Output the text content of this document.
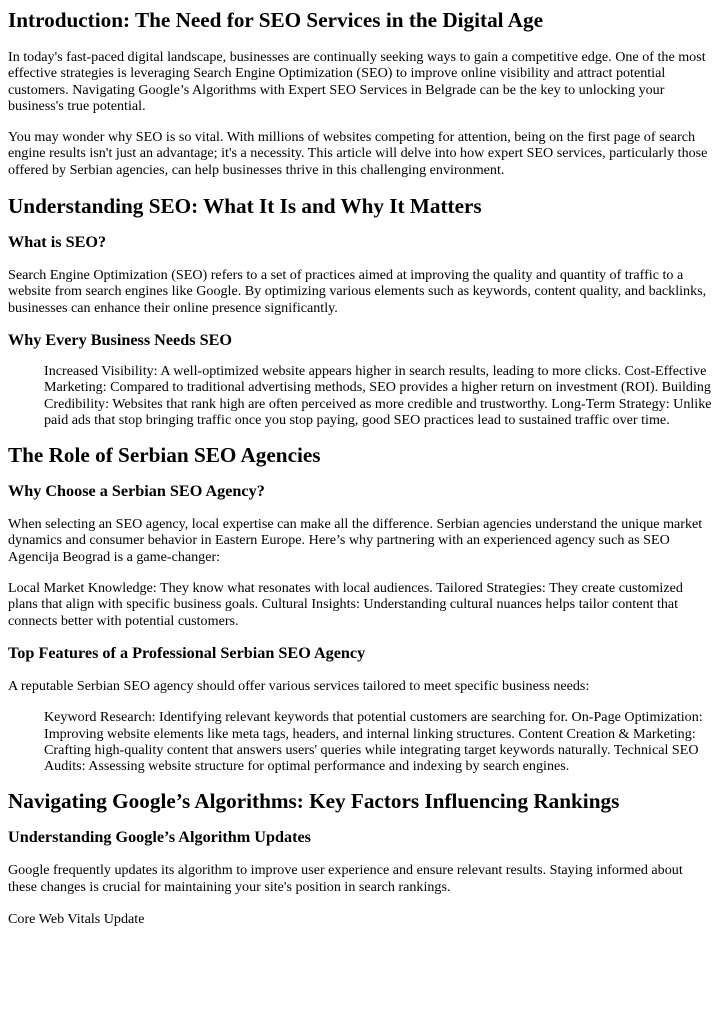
Introduction: The Need for SEO Services in the Digital Age

In today's fast-paced digital landscape, businesses are continually seeking ways to gain a competitive edge. One of the most effective strategies is leveraging Search Engine Optimization (SEO) to improve online visibility and attract potential customers. Navigating Google’s Algorithms with Expert SEO Services in Belgrade can be the key to unlocking your business's true potential.

You may wonder why SEO is so vital. With millions of websites competing for attention, being on the first page of search engine results isn't just an advantage; it's a necessity. This article will delve into how expert SEO services, particularly those offered by Serbian agencies, can help businesses thrive in this challenging environment.

Understanding SEO: What It Is and Why It Matters
What is SEO?

Search Engine Optimization (SEO) refers to a set of practices aimed at improving the quality and quantity of traffic to a website from search engines like Google. By optimizing various elements such as keywords, content quality, and backlinks, businesses can enhance their online presence significantly.

Why Every Business Needs SEO
Increased Visibility: A well-optimized website appears higher in search results, leading to more clicks. Cost-Effective Marketing: Compared to traditional advertising methods, SEO provides a higher return on investment (ROI). Building Credibility: Websites that rank high are often perceived as more credible and trustworthy. Long-Term Strategy: Unlike paid ads that stop bringing traffic once you stop paying, good SEO practices lead to sustained traffic over time.
The Role of Serbian SEO Agencies
Why Choose a Serbian SEO Agency?

When selecting an SEO agency, local expertise can make all the difference. Serbian agencies understand the unique market dynamics and consumer behavior in Eastern Europe. Here’s why partnering with an experienced agency such as SEO Agencija Beograd is a game-changer:

Local Market Knowledge: They know what resonates with local audiences. Tailored Strategies: They create customized plans that align with specific business goals. Cultural Insights: Understanding cultural nuances helps tailor content that connects better with potential customers.

Top Features of a Professional Serbian SEO Agency

A reputable Serbian SEO agency should offer various services tailored to meet specific business needs:

Keyword Research: Identifying relevant keywords that potential customers are searching for. On-Page Optimization: Improving website elements like meta tags, headers, and internal linking structures. Content Creation & Marketing: Crafting high-quality content that answers users' queries while integrating target keywords naturally. Technical SEO Audits: Assessing website structure for optimal performance and indexing by search engines.
Navigating Google’s Algorithms: Key Factors Influencing Rankings
Understanding Google’s Algorithm Updates

Google frequently updates its algorithm to improve user experience and ensure relevant results. Staying informed about these changes is crucial for maintaining your site's position in search rankings.

Core Web Vitals Update
